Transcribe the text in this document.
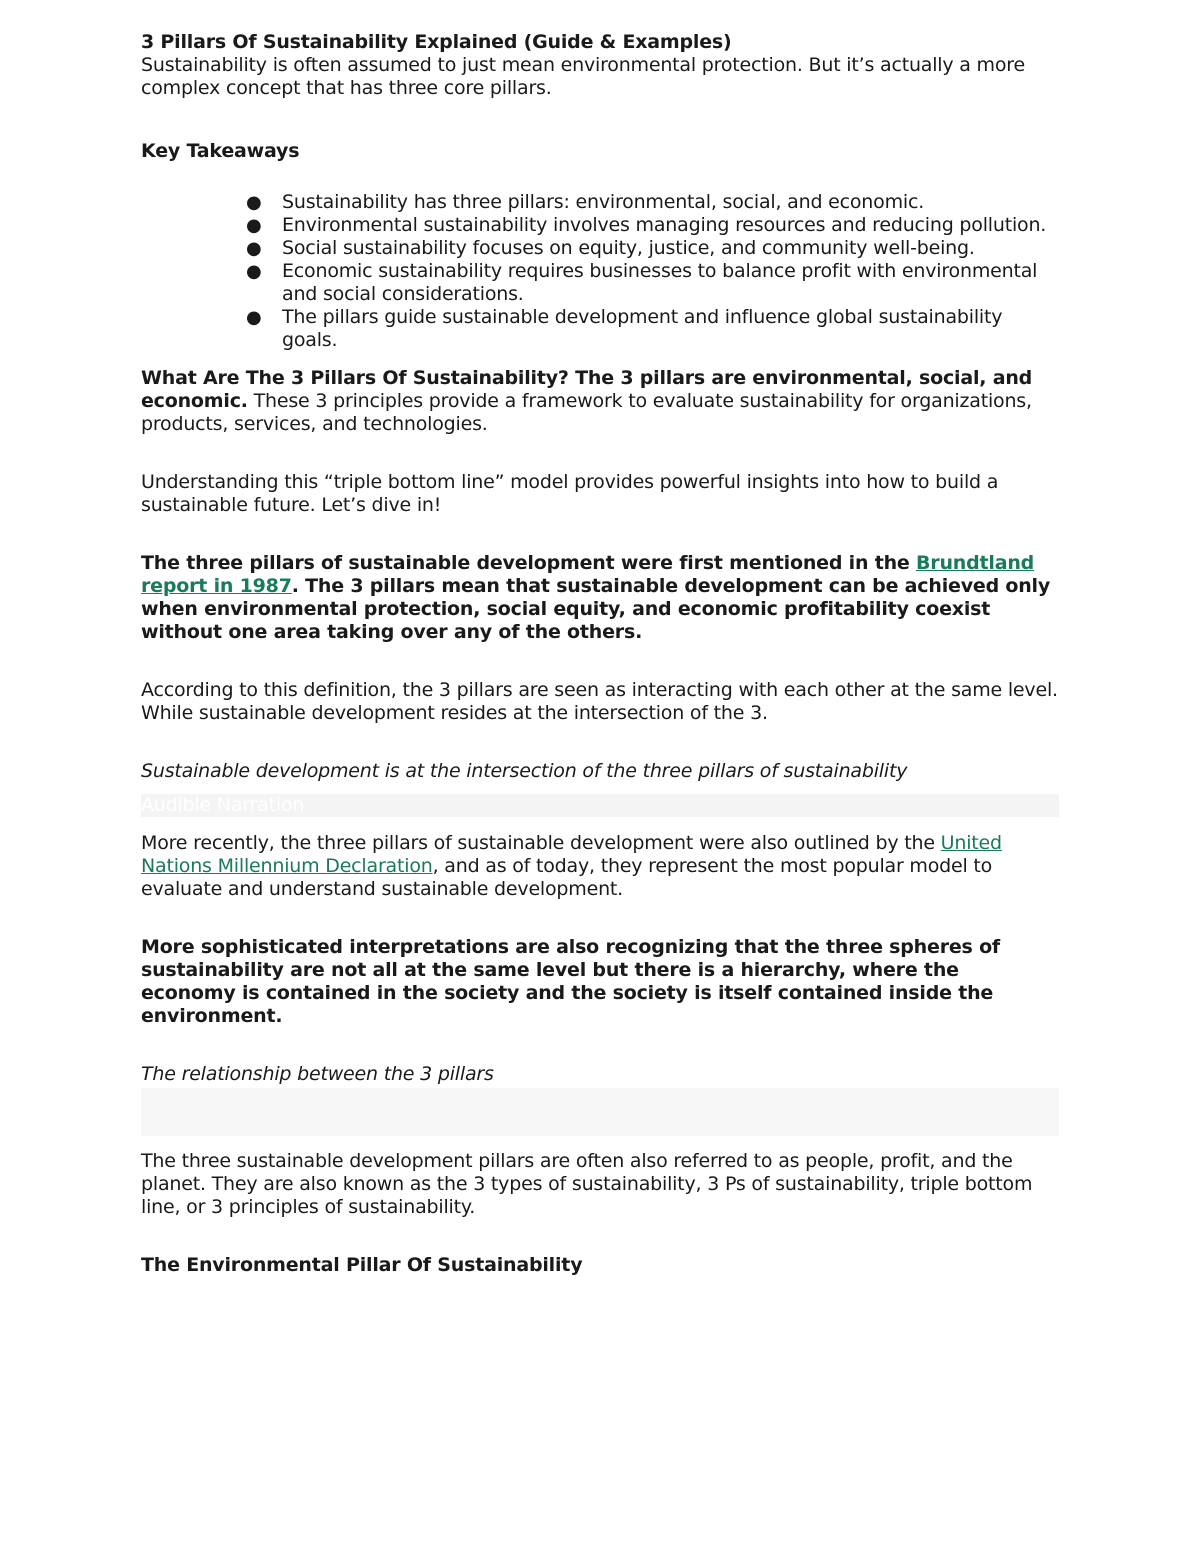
3 Pillars Of Sustainability Explained (Guide & Examples)

Sustainability is often assumed to just mean environmental protection. But it’s actually a more complex concept that has three core pillars.

Key Takeaways

● Sustainability has three pillars: environmental, social, and economic.
● Environmental sustainability involves managing resources and reducing pollution.
● Social sustainability focuses on equity, justice, and community well-being.
● Economic sustainability requires businesses to balance profit with environmental and social considerations.
● The pillars guide sustainable development and influence global sustainability goals.

What Are The 3 Pillars Of Sustainability? The 3 pillars are environmental, social, and economic. These 3 principles provide a framework to evaluate sustainability for organizations, products, services, and technologies.

Understanding this “triple bottom line” model provides powerful insights into how to build a sustainable future. Let’s dive in!

The three pillars of sustainable development were first mentioned in the Brundtland report in 1987. The 3 pillars mean that sustainable development can be achieved only when environmental protection, social equity, and economic profitability coexist without one area taking over any of the others.

According to this definition, the 3 pillars are seen as interacting with each other at the same level. While sustainable development resides at the intersection of the 3.

Sustainable development is at the intersection of the three pillars of sustainability

Audible Narration

More recently, the three pillars of sustainable development were also outlined by the United Nations Millennium Declaration, and as of today, they represent the most popular model to evaluate and understand sustainable development.

More sophisticated interpretations are also recognizing that the three spheres of sustainability are not all at the same level but there is a hierarchy, where the economy is contained in the society and the society is itself contained inside the environment.

The relationship between the 3 pillars

The three sustainable development pillars are often also referred to as people, profit, and the planet. They are also known as the 3 types of sustainability, 3 Ps of sustainability, triple bottom line, or 3 principles of sustainability.

The Environmental Pillar Of Sustainability
